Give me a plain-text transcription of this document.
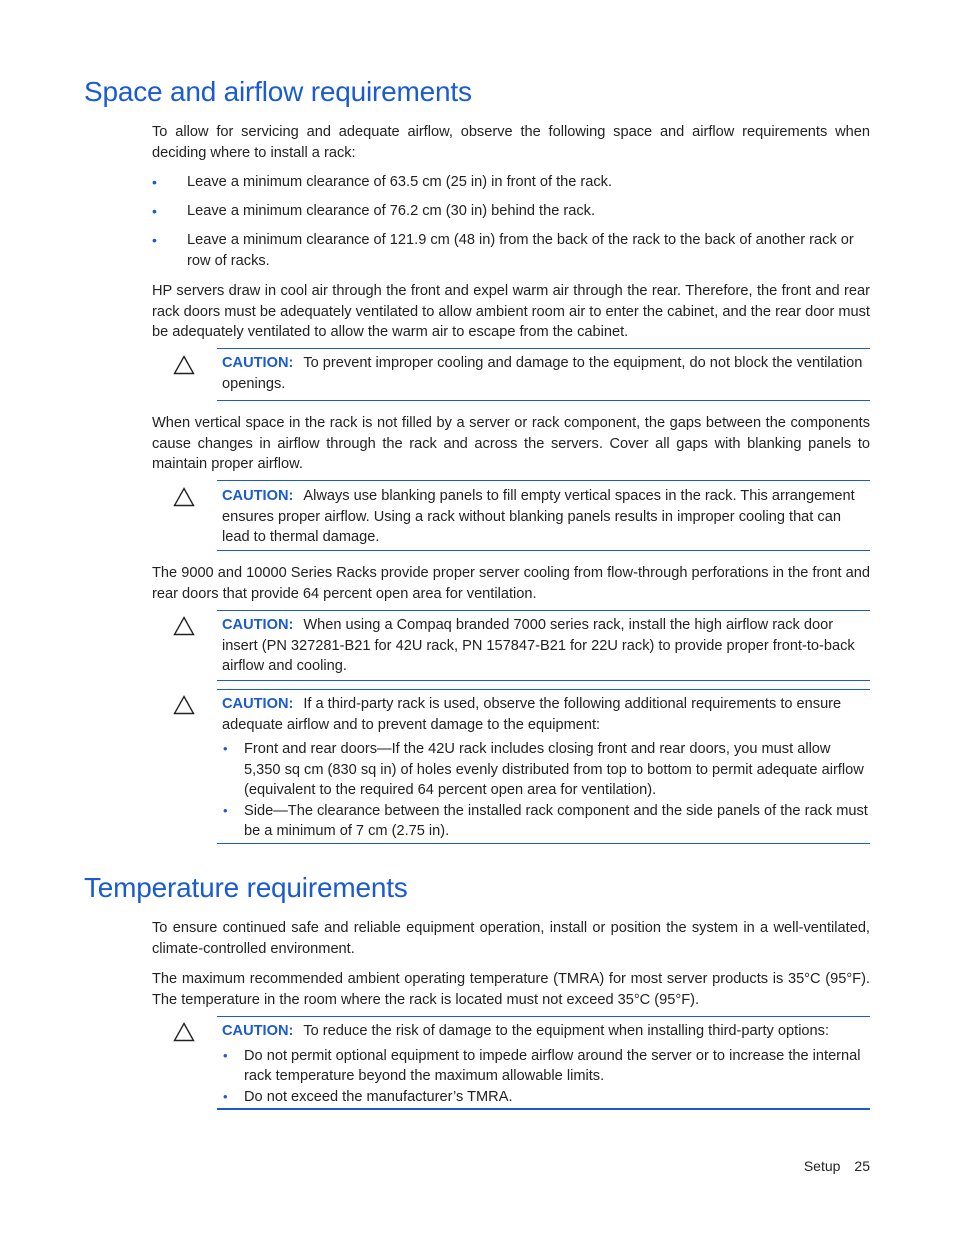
Space and airflow requirements

To allow for servicing and adequate airflow, observe the following space and airflow requirements when deciding where to install a rack:

• Leave a minimum clearance of 63.5 cm (25 in) in front of the rack.
• Leave a minimum clearance of 76.2 cm (30 in) behind the rack.
• Leave a minimum clearance of 121.9 cm (48 in) from the back of the rack to the back of another rack or row of racks.

HP servers draw in cool air through the front and expel warm air through the rear. Therefore, the front and rear rack doors must be adequately ventilated to allow ambient room air to enter the cabinet, and the rear door must be adequately ventilated to allow the warm air to escape from the cabinet.

CAUTION: To prevent improper cooling and damage to the equipment, do not block the ventilation openings.

When vertical space in the rack is not filled by a server or rack component, the gaps between the components cause changes in airflow through the rack and across the servers. Cover all gaps with blanking panels to maintain proper airflow.

CAUTION: Always use blanking panels to fill empty vertical spaces in the rack. This arrangement ensures proper airflow. Using a rack without blanking panels results in improper cooling that can lead to thermal damage.

The 9000 and 10000 Series Racks provide proper server cooling from flow-through perforations in the front and rear doors that provide 64 percent open area for ventilation.

CAUTION: When using a Compaq branded 7000 series rack, install the high airflow rack door insert (PN 327281-B21 for 42U rack, PN 157847-B21 for 22U rack) to provide proper front-to-back airflow and cooling.
CAUTION: If a third-party rack is used, observe the following additional requirements to ensure adequate airflow and to prevent damage to the equipment:
• Front and rear doors—If the 42U rack includes closing front and rear doors, you must allow 5,350 sq cm (830 sq in) of holes evenly distributed from top to bottom to permit adequate airflow (equivalent to the required 64 percent open area for ventilation).
• Side—The clearance between the installed rack component and the side panels of the rack must be a minimum of 7 cm (2.75 in).
Temperature requirements

To ensure continued safe and reliable equipment operation, install or position the system in a well-ventilated, climate-controlled environment.

The maximum recommended ambient operating temperature (TMRA) for most server products is 35°C (95°F). The temperature in the room where the rack is located must not exceed 35°C (95°F).

CAUTION: To reduce the risk of damage to the equipment when installing third-party options:
• Do not permit optional equipment to impede airflow around the server or to increase the internal rack temperature beyond the maximum allowable limits.
• Do not exceed the manufacturer’s TMRA.
Setup 25
